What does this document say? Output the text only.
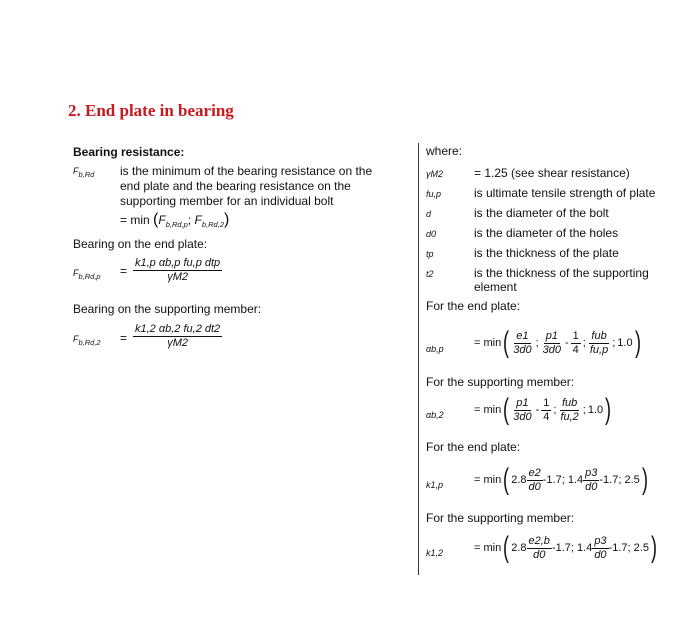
2. End plate in bearing
Bearing resistance:
$F_{b,Rd}$ is the minimum of the bearing resistance on the
end plate and the bearing resistance on the
supporting member for an individual bolt
= $\min (F_{b,Rd,p}$; $F_{b,Rd,2}$)
Bearing on the end plate:
$F_{b,Rd,p} = \frac{\text{k1,p αb,p fu,p dtp}}{\gamma M2}$
Bearing on the supporting member:
$F_{b,Rd,2} = \frac{k1,2 \alpha b,2 fu,2 dt2}{\gamma M2}$
where:
γM2	= 1.25 (see shear resistance)
fu,p	is ultimate tensile strength of plate
d	is the diameter of the bolt
d0	is the diameter of the holes
tp	is the thickness of the plate
t2	is the thickness of the supporting
element
For the end plate:
αb,p	= min ( $\frac{e1}{3d0}$ ; $\frac{p1}{3d0} - \frac{1}{4}$ ; $\frac{\text{fub}}{fu,p}$ ; 1.0 )
For the supporting member:
αb,2	= min ( $\frac{p1}{3d0} - \frac{1}{4}$ ; $\frac{\text{fub}}{fu,2}$ ; 1.0 )
For the end plate:
k1,p	= min ( $2.8 \frac{e2}{d0} -1.7$;
$1.4 \frac{p3}{d0} -1.7$;
2.5 )
For the supporting member:
k1,2	= min ( $2.8 \frac{e2,b}{d0} -1.7$;
$1.4 \frac{p3}{d0} -1.7$;
2.5 )
